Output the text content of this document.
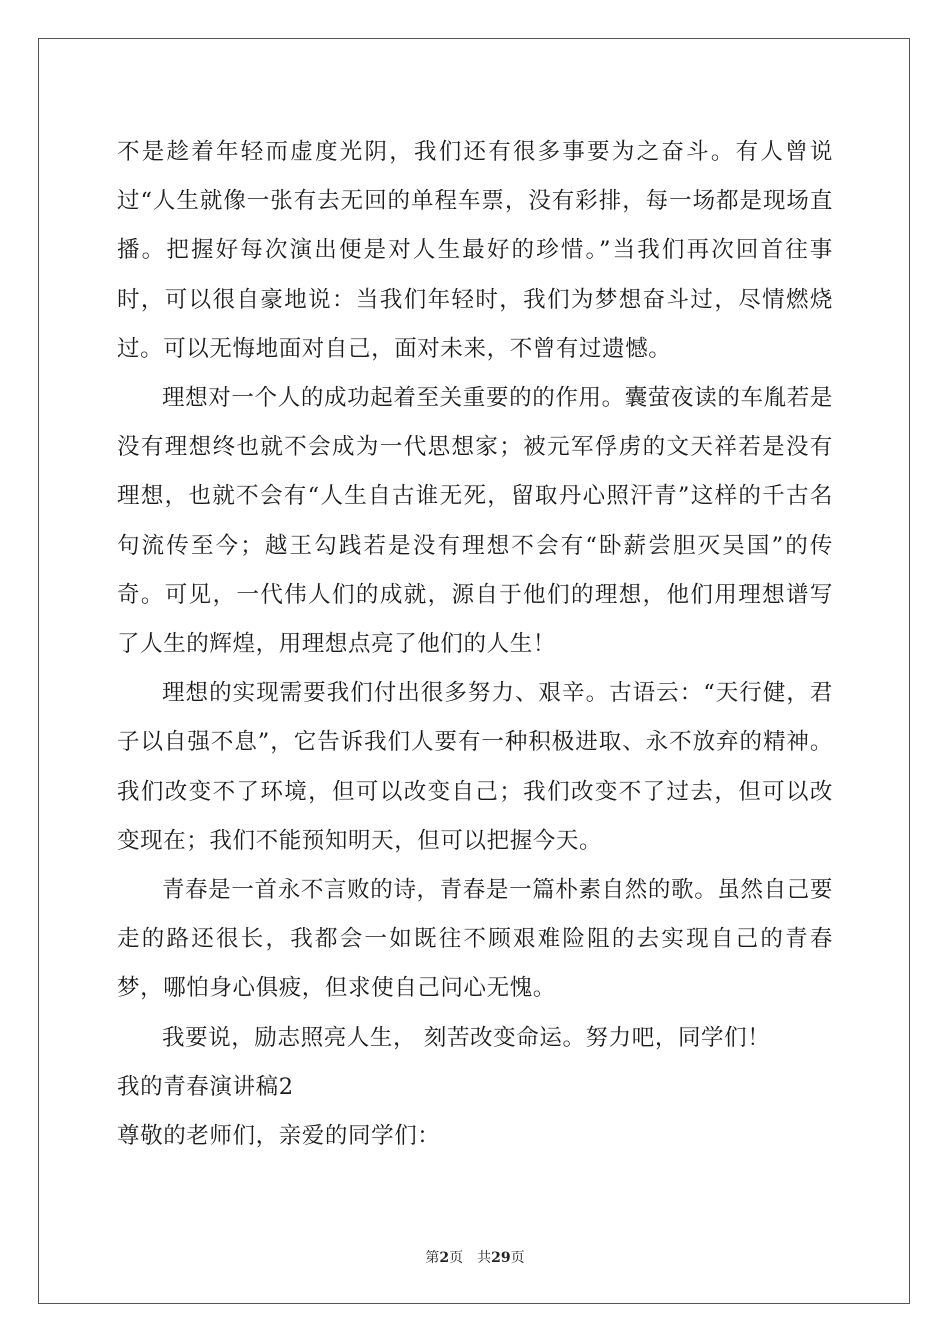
不是趁着年轻而虚度光阴，我们还有很多事要为之奋斗。有人曾说过“人生就像一张有去无回的单程车票，没有彩排，每一场都是现场直播。把握好每次演出便是对人生最好的珍惜。”当我们再次回首往事时，可以很自豪地说：当我们年轻时，我们为梦想奋斗过，尽情燃烧过。可以无悔地面对自己，面对未来，不曾有过遗憾。

理想对一个人的成功起着至关重要的的作用。囊萤夜读的车胤若是没有理想终也就不会成为一代思想家；被元军俘虏的文天祥若是没有理想，也就不会有“人生自古谁无死，留取丹心照汗青”这样的千古名句流传至今；越王勾践若是没有理想不会有“卧薪尝胆灭吴国”的传奇。可见，一代伟人们的成就，源自于他们的理想，他们用理想谱写了人生的辉煌，用理想点亮了他们的人生！

理想的实现需要我们付出很多努力、艰辛。古语云：“天行健，君子以自强不息”，它告诉我们人要有一种积极进取、永不放弃的精神。我们改变不了环境，但可以改变自己；我们改变不了过去，但可以改变现在；我们不能预知明天，但可以把握今天。

青春是一首永不言败的诗，青春是一篇朴素自然的歌。虽然自己要走的路还很长，我都会一如既往不顾艰难险阻的去实现自己的青春梦，哪怕身心俱疲，但求使自己问心无愧。

我要说，励志照亮人生， 刻苦改变命运。努力吧，同学们！

我的青春演讲稿2

尊敬的老师们，亲爱的同学们：

第2页 共29页
